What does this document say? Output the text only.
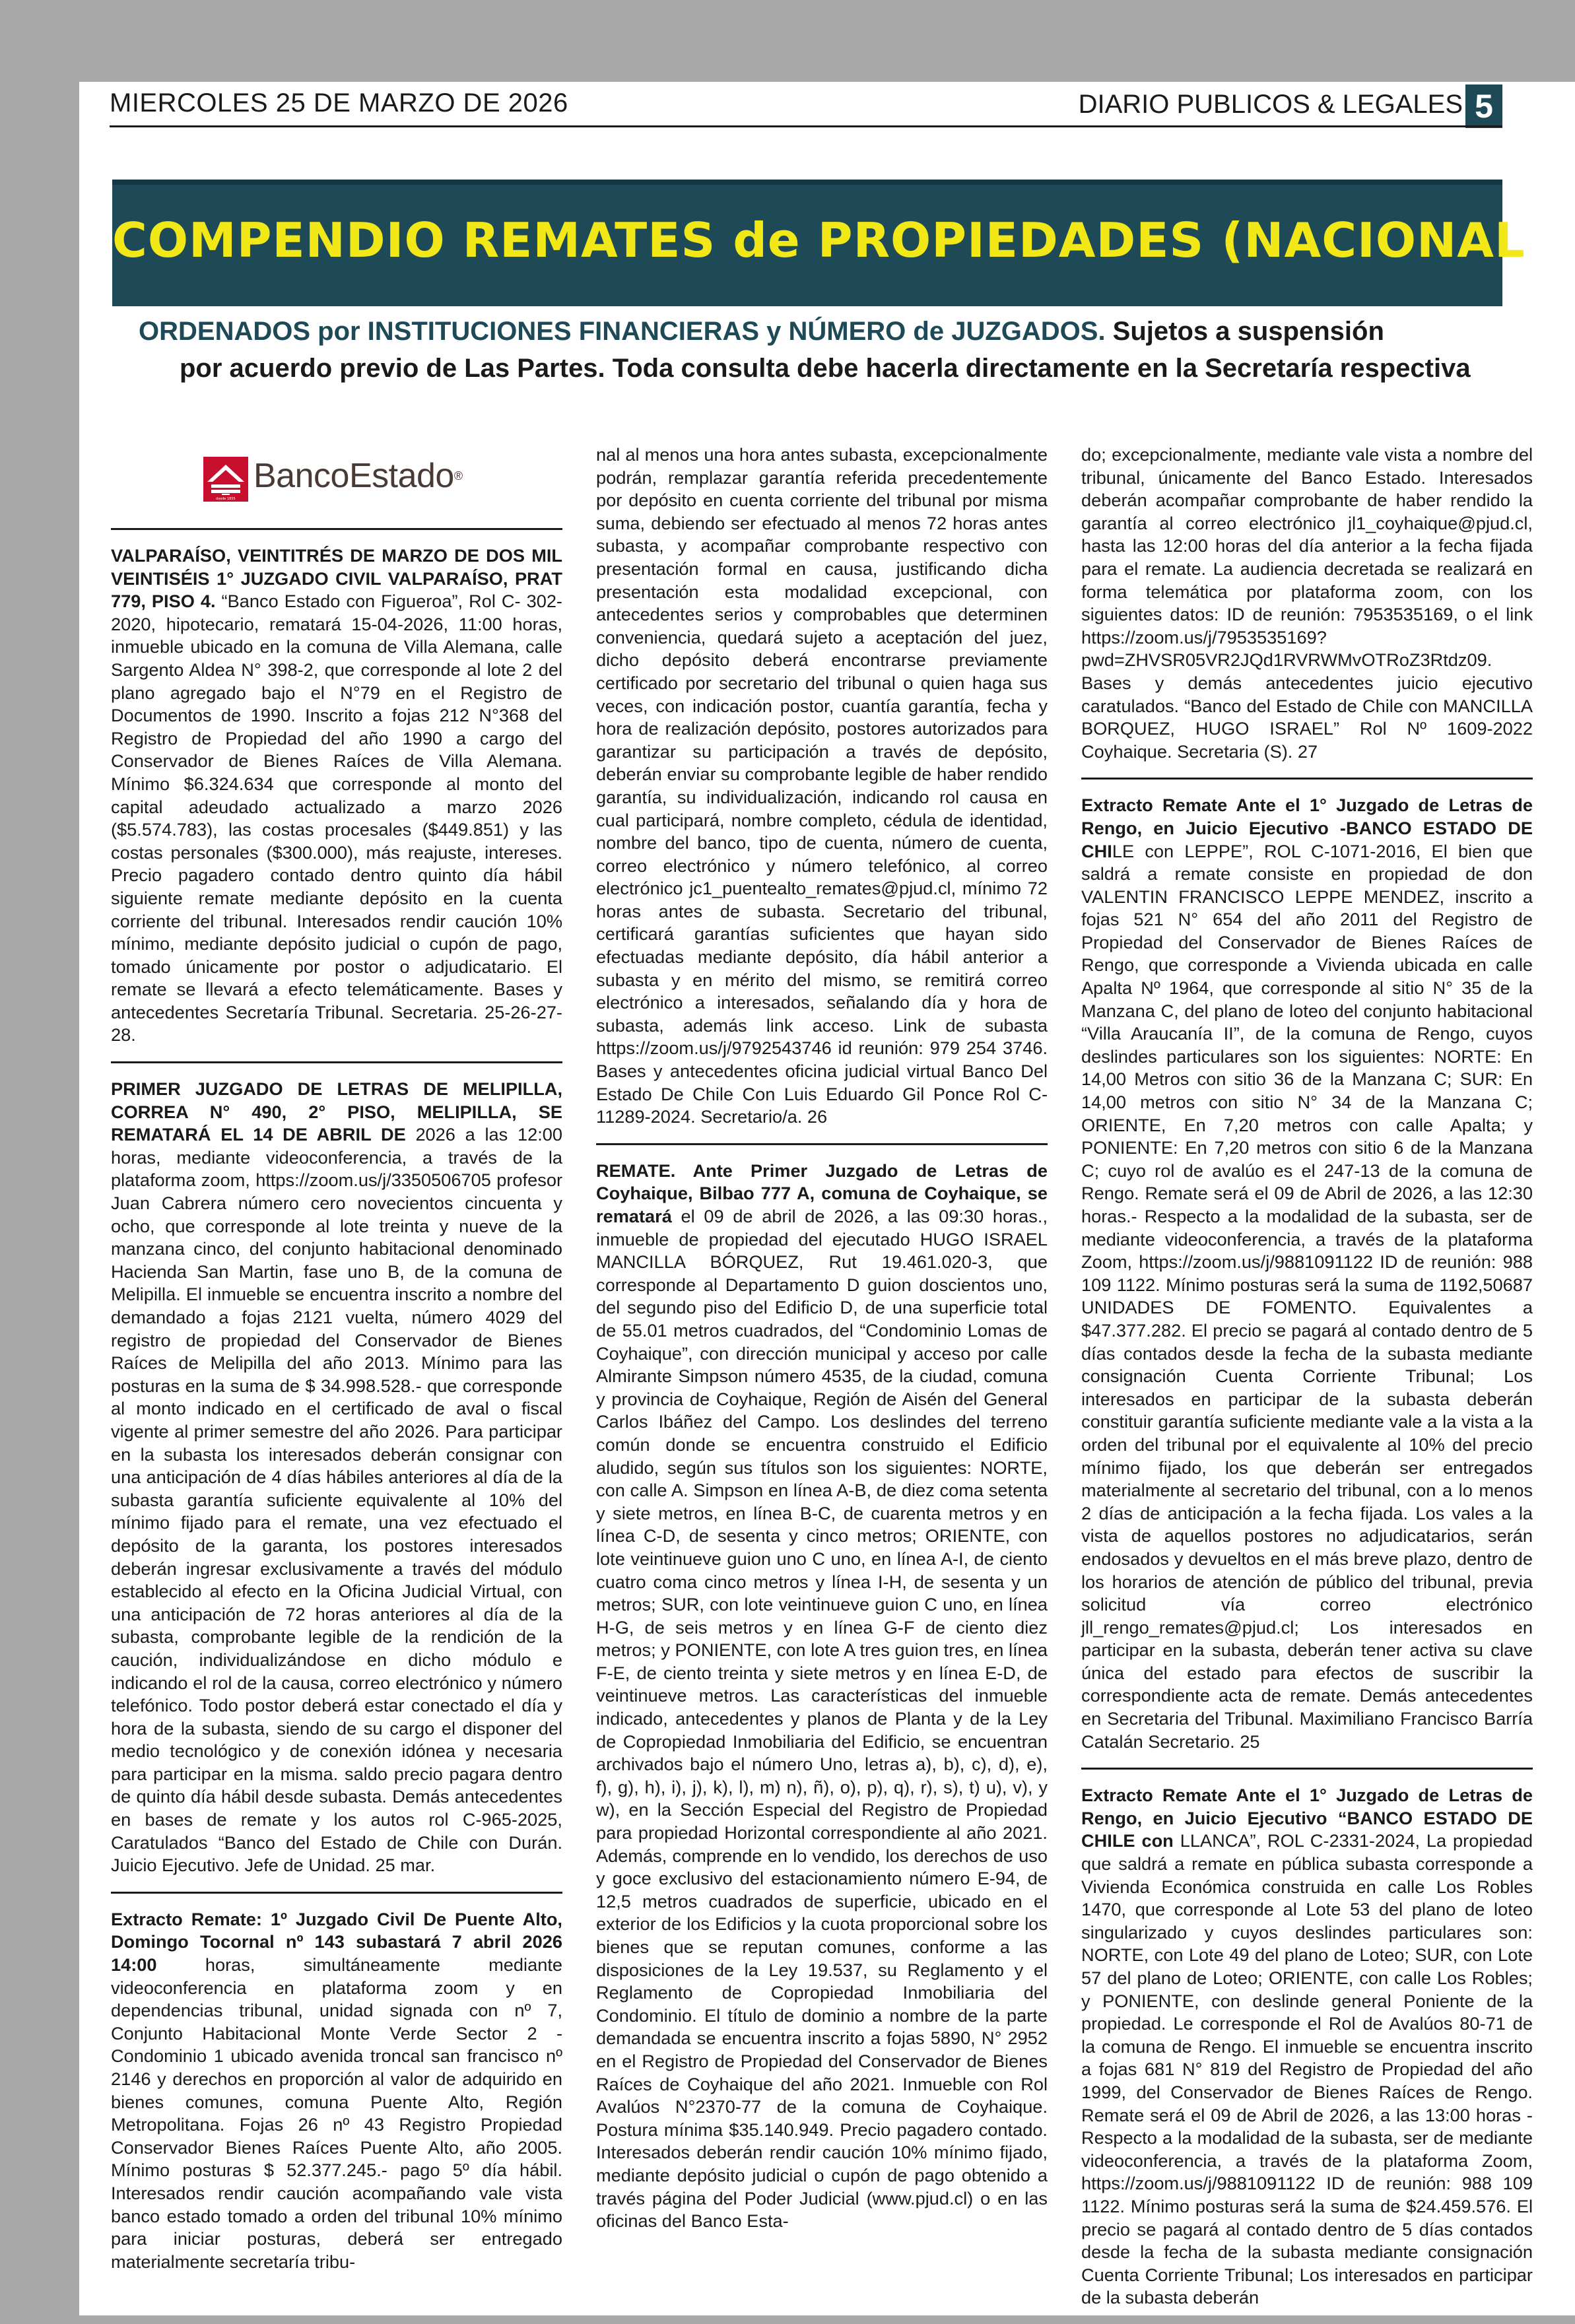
MIERCOLES 25 DE MARZO DE 2026	DIARIO PUBLICOS & LEGALES 5
COMPENDIO REMATES de PROPIEDADES (NACIONAL
ORDENADOS por INSTITUCIONES FINANCIERAS y NÚMERO de JUZGADOS. Sujetos a suspensión
por acuerdo previo de Las Partes. Toda consulta debe hacerla directamente en la Secretaría respectiva
desde 1855
BancoEstado®

VALPARAÍSO, VEINTITRÉS DE MARZO DE DOS MIL VEINTISÉIS 1° JUZGADO CIVIL VALPARAÍSO, PRAT 779, PISO 4. “Banco Estado con Figueroa”, Rol C- 302-2020, hipotecario, rematará 15-04-2026, 11:00 horas, inmueble ubicado en la comuna de Villa Alemana, calle Sargento Aldea N° 398-2, que corresponde al lote 2 del plano agregado bajo el N°79 en el Registro de Documentos de 1990. Inscrito a fojas 212 N°368 del Registro de Propiedad del año 1990 a cargo del Conservador de Bienes Raíces de Villa Alemana. Mínimo $6.324.634 que corresponde al monto del capital adeudado actualizado a marzo 2026 ($5.574.783), las costas procesales ($449.851) y las costas personales ($300.000), más reajuste, intereses. Precio pagadero contado dentro quinto día hábil siguiente remate mediante depósito en la cuenta corriente del tribunal. Interesados rendir caución 10% mínimo, mediante depósito judicial o cupón de pago, tomado únicamente por postor o adjudicatario. El remate se llevará a efecto telemáticamente. Bases y antecedentes Secretaría Tribunal. Secretaria. 25-26-27-28.

PRIMER JUZGADO DE LETRAS DE MELIPILLA, CORREA N° 490, 2° PISO, MELIPILLA, SE REMATARÁ EL 14 DE ABRIL DE 2026 a las 12:00 horas, mediante videoconferencia, a través de la plataforma zoom, https://zoom.us/j/3350506705 profesor Juan Cabrera número cero novecientos cincuenta y ocho, que corresponde al lote treinta y nueve de la manzana cinco, del conjunto habitacional denominado Hacienda San Martin, fase uno B, de la comuna de Melipilla. El inmueble se encuentra inscrito a nombre del demandado a fojas 2121 vuelta, número 4029 del registro de propiedad del Conservador de Bienes Raíces de Melipilla del año 2013. Mínimo para las posturas en la suma de $ 34.998.528.- que corresponde al monto indicado en el certificado de aval o fiscal vigente al primer semestre del año 2026. Para participar en la subasta los interesados deberán consignar con una anticipación de 4 días hábiles anteriores al día de la subasta garantía suficiente equivalente al 10% del mínimo fijado para el remate, una vez efectuado el depósito de la garanta, los postores interesados deberán ingresar exclusivamente a través del módulo establecido al efecto en la Oficina Judicial Virtual, con una anticipación de 72 horas anteriores al día de la subasta, comprobante legible de la rendición de la caución, individualizándose en dicho módulo e indicando el rol de la causa, correo electrónico y número telefónico. Todo postor deberá estar conectado el día y hora de la subasta, siendo de su cargo el disponer del medio tecnológico y de conexión idónea y necesaria para participar en la misma. saldo precio pagara dentro de quinto día hábil desde subasta. Demás antecedentes en bases de remate y los autos rol C-965-2025, Caratulados “Banco del Estado de Chile con Durán. Juicio Ejecutivo. Jefe de Unidad. 25 mar.

Extracto Remate: 1º Juzgado Civil De Puente Alto, Domingo Tocornal nº 143 subastará 7 abril 2026 14:00 horas, simultáneamente mediante videoconferencia en plataforma zoom y en dependencias tribunal, unidad signada con nº 7, Conjunto Habitacional Monte Verde Sector 2 - Condominio 1 ubicado avenida troncal san francisco nº 2146 y derechos en proporción al valor de adquirido en bienes comunes, comuna Puente Alto, Región Metropolitana. Fojas 26 nº 43 Registro Propiedad Conservador Bienes Raíces Puente Alto, año 2005. Mínimo posturas $ 52.377.245.- pago 5º día hábil. Interesados rendir caución acompañando vale vista banco estado tomado a orden del tribunal 10% mínimo para iniciar posturas, deberá ser entregado materialmente secretaría tribu-

nal al menos una hora antes subasta, excepcionalmente podrán, remplazar garantía referida precedentemente por depósito en cuenta corriente del tribunal por misma suma, debiendo ser efectuado al menos 72 horas antes subasta, y acompañar comprobante respectivo con presentación formal en causa, justificando dicha presentación esta modalidad excepcional, con antecedentes serios y comprobables que determinen conveniencia, quedará sujeto a aceptación del juez, dicho depósito deberá encontrarse previamente certificado por secretario del tribunal o quien haga sus veces, con indicación postor, cuantía garantía, fecha y hora de realización depósito, postores autorizados para garantizar su participación a través de depósito, deberán enviar su comprobante legible de haber rendido garantía, su individualización, indicando rol causa en cual participará, nombre completo, cédula de identidad, nombre del banco, tipo de cuenta, número de cuenta, correo electrónico y número telefónico, al correo electrónico jc1_puentealto_remates@pjud.cl, mínimo 72 horas antes de subasta. Secretario del tribunal, certificará garantías suficientes que hayan sido efectuadas mediante depósito, día hábil anterior a subasta y en mérito del mismo, se remitirá correo electrónico a interesados, señalando día y hora de subasta, además link acceso. Link de subasta https://zoom.us/j/9792543746 id reunión: 979 254 3746. Bases y antecedentes oficina judicial virtual Banco Del Estado De Chile Con Luis Eduardo Gil Ponce Rol C-11289-2024. Secretario/a. 26

REMATE. Ante Primer Juzgado de Letras de Coyhaique, Bilbao 777 A, comuna de Coyhaique, se rematará el 09 de abril de 2026, a las 09:30 horas., inmueble de propiedad del ejecutado HUGO ISRAEL MANCILLA BÓRQUEZ, Rut 19.461.020-3, que corresponde al Departamento D guion doscientos uno, del segundo piso del Edificio D, de una superficie total de 55.01 metros cuadrados, del “Condominio Lomas de Coyhaique”, con dirección municipal y acceso por calle Almirante Simpson número 4535, de la ciudad, comuna y provincia de Coyhaique, Región de Aisén del General Carlos Ibáñez del Campo. Los deslindes del terreno común donde se encuentra construido el Edificio aludido, según sus títulos son los siguientes: NORTE, con calle A. Simpson en línea A-B, de diez coma setenta y siete metros, en línea B-C, de cuarenta metros y en línea C-D, de sesenta y cinco metros; ORIENTE, con lote veintinueve guion uno C uno, en línea A-I, de ciento cuatro coma cinco metros y línea I-H, de sesenta y un metros; SUR, con lote veintinueve guion C uno, en línea H-G, de seis metros y en línea G-F de ciento diez metros; y PONIENTE, con lote A tres guion tres, en línea F-E, de ciento treinta y siete metros y en línea E-D, de veintinueve metros. Las características del inmueble indicado, antecedentes y planos de Planta y de la Ley de Copropiedad Inmobiliaria del Edificio, se encuentran archivados bajo el número Uno, letras a), b), c), d), e), f), g), h), i), j), k), l), m) n), ñ), o), p), q), r), s), t) u), v), y w), en la Sección Especial del Registro de Propiedad para propiedad Horizontal correspondiente al año 2021. Además, comprende en lo vendido, los derechos de uso y goce exclusivo del estacionamiento número E-94, de 12,5 metros cuadrados de superficie, ubicado en el exterior de los Edificios y la cuota proporcional sobre los bienes que se reputan comunes, conforme a las disposiciones de la Ley 19.537, su Reglamento y el Reglamento de Copropiedad Inmobiliaria del Condominio. El título de dominio a nombre de la parte demandada se encuentra inscrito a fojas 5890, N° 2952 en el Registro de Propiedad del Conservador de Bienes Raíces de Coyhaique del año 2021. Inmueble con Rol Avalúos N°2370-77 de la comuna de Coyhaique. Postura mínima $35.140.949. Precio pagadero contado. Interesados deberán rendir caución 10% mínimo fijado, mediante depósito judicial o cupón de pago obtenido a través página del Poder Judicial (www.pjud.cl) o en las oficinas del Banco Esta-

do; excepcionalmente, mediante vale vista a nombre del tribunal, únicamente del Banco Estado. Interesados deberán acompañar comprobante de haber rendido la garantía al correo electrónico jl1_coyhaique@pjud.cl, hasta las 12:00 horas del día anterior a la fecha fijada para el remate. La audiencia decretada se realizará en forma telemática por plataforma zoom, con los siguientes datos: ID de reunión: 7953535169, o el link https://zoom.us/j/7953535169?pwd=ZHVSR05VR2JQd1RVRWMvOTRoZ3Rtdz09. Bases y demás antecedentes juicio ejecutivo caratulados. “Banco del Estado de Chile con MANCILLA BORQUEZ, HUGO ISRAEL” Rol Nº 1609-2022 Coyhaique. Secretaria (S). 27

Extracto Remate Ante el 1° Juzgado de Letras de Rengo, en Juicio Ejecutivo -BANCO ESTADO DE CHILE con LEPPE”, ROL C-1071-2016, El bien que saldrá a remate consiste en propiedad de don VALENTIN FRANCISCO LEPPE MENDEZ, inscrito a fojas 521 N° 654 del año 2011 del Registro de Propiedad del Conservador de Bienes Raíces de Rengo, que corresponde a Vivienda ubicada en calle Apalta Nº 1964, que corresponde al sitio N° 35 de la Manzana C, del plano de loteo del conjunto habitacional “Villa Araucanía II”, de la comuna de Rengo, cuyos deslindes particulares son los siguientes: NORTE: En 14,00 Metros con sitio 36 de la Manzana C; SUR: En 14,00 metros con sitio N° 34 de la Manzana C; ORIENTE, En 7,20 metros con calle Apalta; y PONIENTE: En 7,20 metros con sitio 6 de la Manzana C; cuyo rol de avalúo es el 247-13 de la comuna de Rengo. Remate será el 09 de Abril de 2026, a las 12:30 horas.- Respecto a la modalidad de la subasta, ser de mediante videoconferencia, a través de la plataforma Zoom, https://zoom.us/j/9881091122 ID de reunión: 988 109 1122. Mínimo posturas será la suma de 1192,50687 UNIDADES DE FOMENTO. Equivalentes a $47.377.282. El precio se pagará al contado dentro de 5 días contados desde la fecha de la subasta mediante consignación Cuenta Corriente Tribunal; Los interesados en participar de la subasta deberán constituir garantía suficiente mediante vale a la vista a la orden del tribunal por el equivalente al 10% del precio mínimo fijado, los que deberán ser entregados materialmente al secretario del tribunal, con a lo menos 2 días de anticipación a la fecha fijada. Los vales a la vista de aquellos postores no adjudicatarios, serán endosados y devueltos en el más breve plazo, dentro de los horarios de atención de público del tribunal, previa solicitud vía correo electrónico jll_rengo_remates@pjud.cl; Los interesados en participar en la subasta, deberán tener activa su clave única del estado para efectos de suscribir la correspondiente acta de remate. Demás antecedentes en Secretaria del Tribunal. Maximiliano Francisco Barría Catalán Secretario. 25

Extracto Remate Ante el 1° Juzgado de Letras de Rengo, en Juicio Ejecutivo “BANCO ESTADO DE CHILE con LLANCA”, ROL C-2331-2024, La propiedad que saldrá a remate en pública subasta corresponde a Vivienda Económica construida en calle Los Robles 1470, que corresponde al Lote 53 del plano de loteo singularizado y cuyos deslindes particulares son: NORTE, con Lote 49 del plano de Loteo; SUR, con Lote 57 del plano de Loteo; ORIENTE, con calle Los Robles; y PONIENTE, con deslinde general Poniente de la propiedad. Le corresponde el Rol de Avalúos 80-71 de la comuna de Rengo. El inmueble se encuentra inscrito a fojas 681 N° 819 del Registro de Propiedad del año 1999, del Conservador de Bienes Raíces de Rengo. Remate será el 09 de Abril de 2026, a las 13:00 horas - Respecto a la modalidad de la subasta, ser de mediante videoconferencia, a través de la plataforma Zoom, https://zoom.us/j/9881091122 ID de reunión: 988 109 1122. Mínimo posturas será la suma de $24.459.576. El precio se pagará al contado dentro de 5 días contados desde la fecha de la subasta mediante consignación Cuenta Corriente Tribunal; Los interesados en participar de la subasta deberán
